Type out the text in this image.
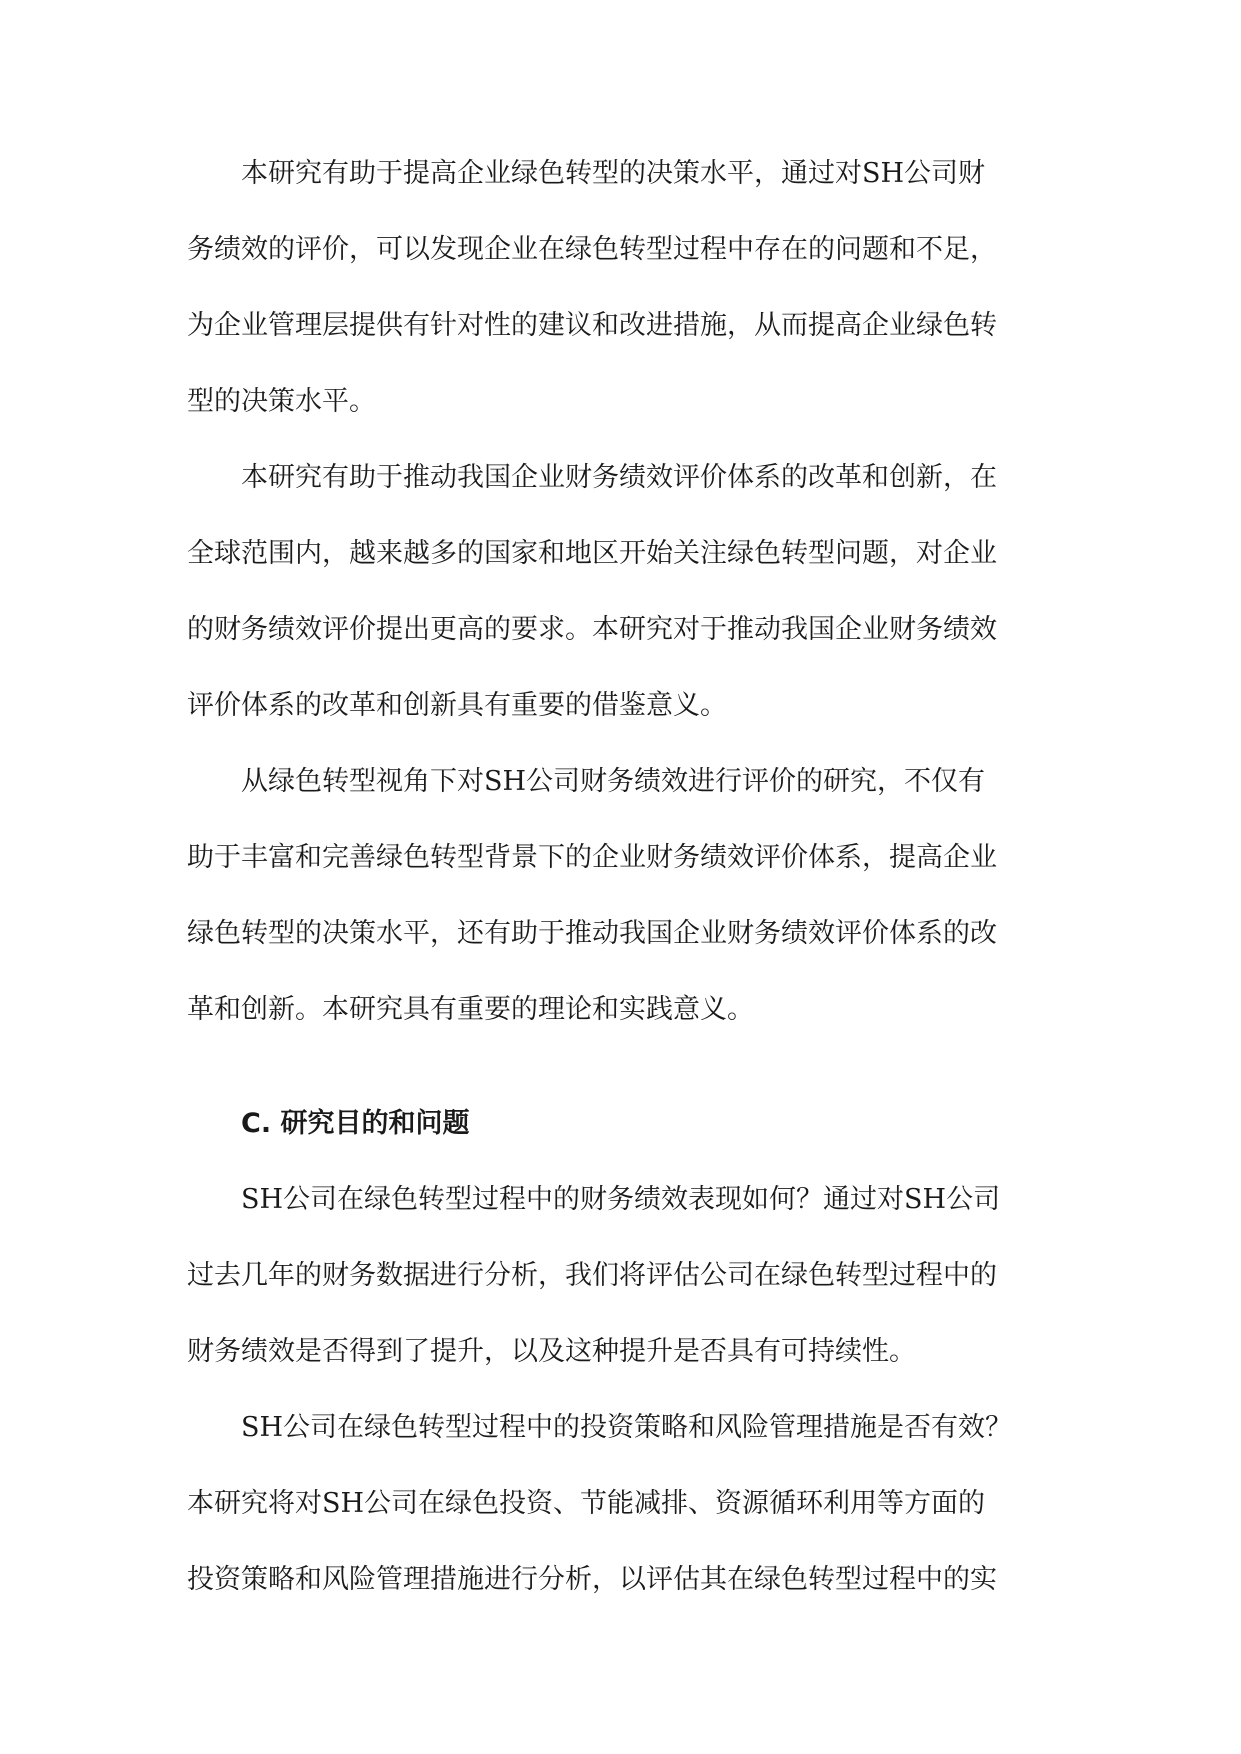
本研究有助于提高企业绿色转型的决策水平，通过对SH公司财
务绩效的评价，可以发现企业在绿色转型过程中存在的问题和不足，
为企业管理层提供有针对性的建议和改进措施，从而提高企业绿色转
型的决策水平。

本研究有助于推动我国企业财务绩效评价体系的改革和创新，在
全球范围内，越来越多的国家和地区开始关注绿色转型问题，对企业
的财务绩效评价提出更高的要求。本研究对于推动我国企业财务绩效
评价体系的改革和创新具有重要的借鉴意义。

从绿色转型视角下对SH公司财务绩效进行评价的研究，不仅有
助于丰富和完善绿色转型背景下的企业财务绩效评价体系，提高企业
绿色转型的决策水平，还有助于推动我国企业财务绩效评价体系的改
革和创新。本研究具有重要的理论和实践意义。

C. 研究目的和问题

SH公司在绿色转型过程中的财务绩效表现如何？通过对SH公司
过去几年的财务数据进行分析，我们将评估公司在绿色转型过程中的
财务绩效是否得到了提升，以及这种提升是否具有可持续性。

SH公司在绿色转型过程中的投资策略和风险管理措施是否有效？
本研究将对SH公司在绿色投资、节能减排、资源循环利用等方面的
投资策略和风险管理措施进行分析，以评估其在绿色转型过程中的实
